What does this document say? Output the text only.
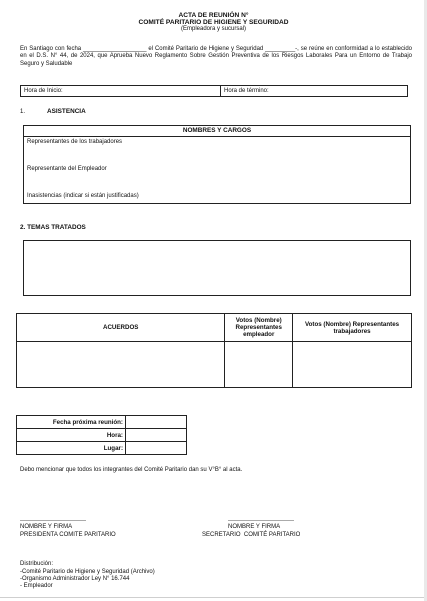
ACTA DE REUNIÓN N°
COMITÉ PARITARIO DE HIGIENE Y SEGURIDAD
(Empleadora y sucursal)
En Santiago con fecha ___________________ el Comité Paritario de Higiene y Seguridad _________-, se reúne en conformidad a lo establecido en el D.S. N° 44, de 2024, que Aprueba Nuevo Reglamento Sobre Gestión Preventiva de los Riesgos Laborales Para un Entorno de Trabajo Seguro y Saludable
Hora de Inicio:	Hora de término:
1.	ASISTENCIA
NOMBRES Y CARGOS
Representantes de los trabajadores
Representante del Empleador
Inasistencias (indicar si están justificadas)
2. TEMAS TRATADOS
ACUERDOS	Votos (Nombre) Representantes empleador	Votos (Nombre) Representantes trabajadores

Fecha próxima reunión:	
Hora:	
Lugar:	
Debo mencionar que todos los integrantes del Comité Paritario dan su V°B° al acta.
NOMBRE Y FIRMA
PRESIDENTA COMITE PARITARIO
NOMBRE Y FIRMA
SECRETARIO  COMITÉ PARITARIO
Distribución:
-Comité Paritario de Higiene y Seguridad (Archivo)
-Organismo Administrador Ley N° 16.744
- Empleador
